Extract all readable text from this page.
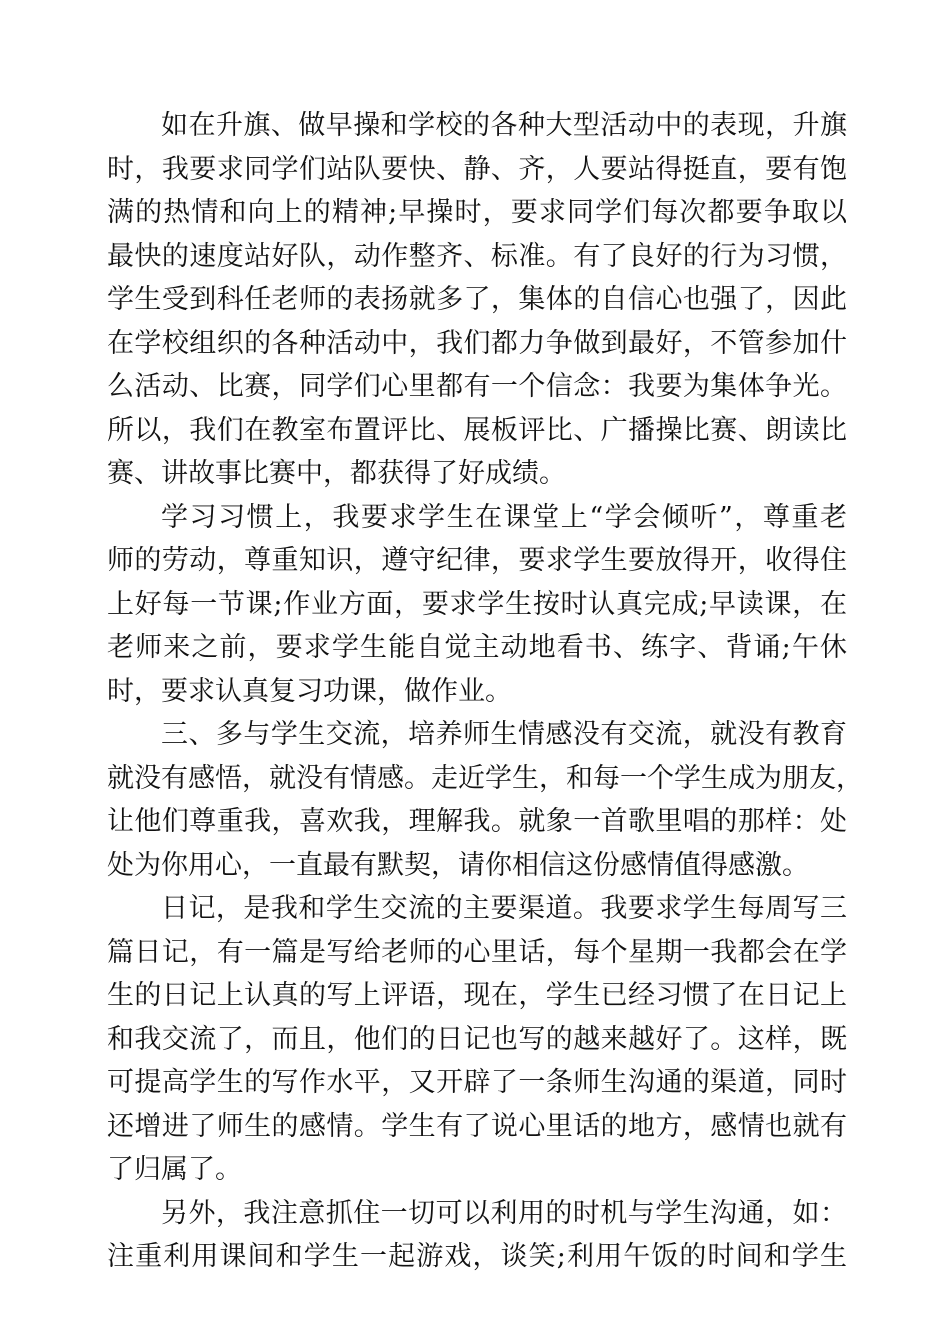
如在升旗、做早操和学校的各种大型活动中的表现，升旗
时，我要求同学们站队要快、静、齐，人要站得挺直，要有饱
满的热情和向上的精神;早操时，要求同学们每次都要争取以
最快的速度站好队，动作整齐、标准。有了良好的行为习惯，
学生受到科任老师的表扬就多了，集体的自信心也强了，因此
在学校组织的各种活动中，我们都力争做到最好，不管参加什
么活动、比赛，同学们心里都有一个信念：我要为集体争光。
所以，我们在教室布置评比、展板评比、广播操比赛、朗读比
赛、讲故事比赛中，都获得了好成绩。
学习习惯上，我要求学生在课堂上“学会倾听”，尊重老
师的劳动，尊重知识，遵守纪律，要求学生要放得开，收得住
上好每一节课;作业方面，要求学生按时认真完成;早读课，在
老师来之前，要求学生能自觉主动地看书、练字、背诵;午休
时，要求认真复习功课，做作业。
三、多与学生交流，培养师生情感没有交流，就没有教育
就没有感悟，就没有情感。走近学生，和每一个学生成为朋友，
让他们尊重我，喜欢我，理解我。就象一首歌里唱的那样：处
处为你用心，一直最有默契，请你相信这份感情值得感激。
日记，是我和学生交流的主要渠道。我要求学生每周写三
篇日记，有一篇是写给老师的心里话，每个星期一我都会在学
生的日记上认真的写上评语，现在，学生已经习惯了在日记上
和我交流了，而且，他们的日记也写的越来越好了。这样，既
可提高学生的写作水平，又开辟了一条师生沟通的渠道，同时
还增进了师生的感情。学生有了说心里话的地方，感情也就有
了归属了。
另外，我注意抓住一切可以利用的时机与学生沟通，如：
注重利用课间和学生一起游戏，谈笑;利用午饭的时间和学生
